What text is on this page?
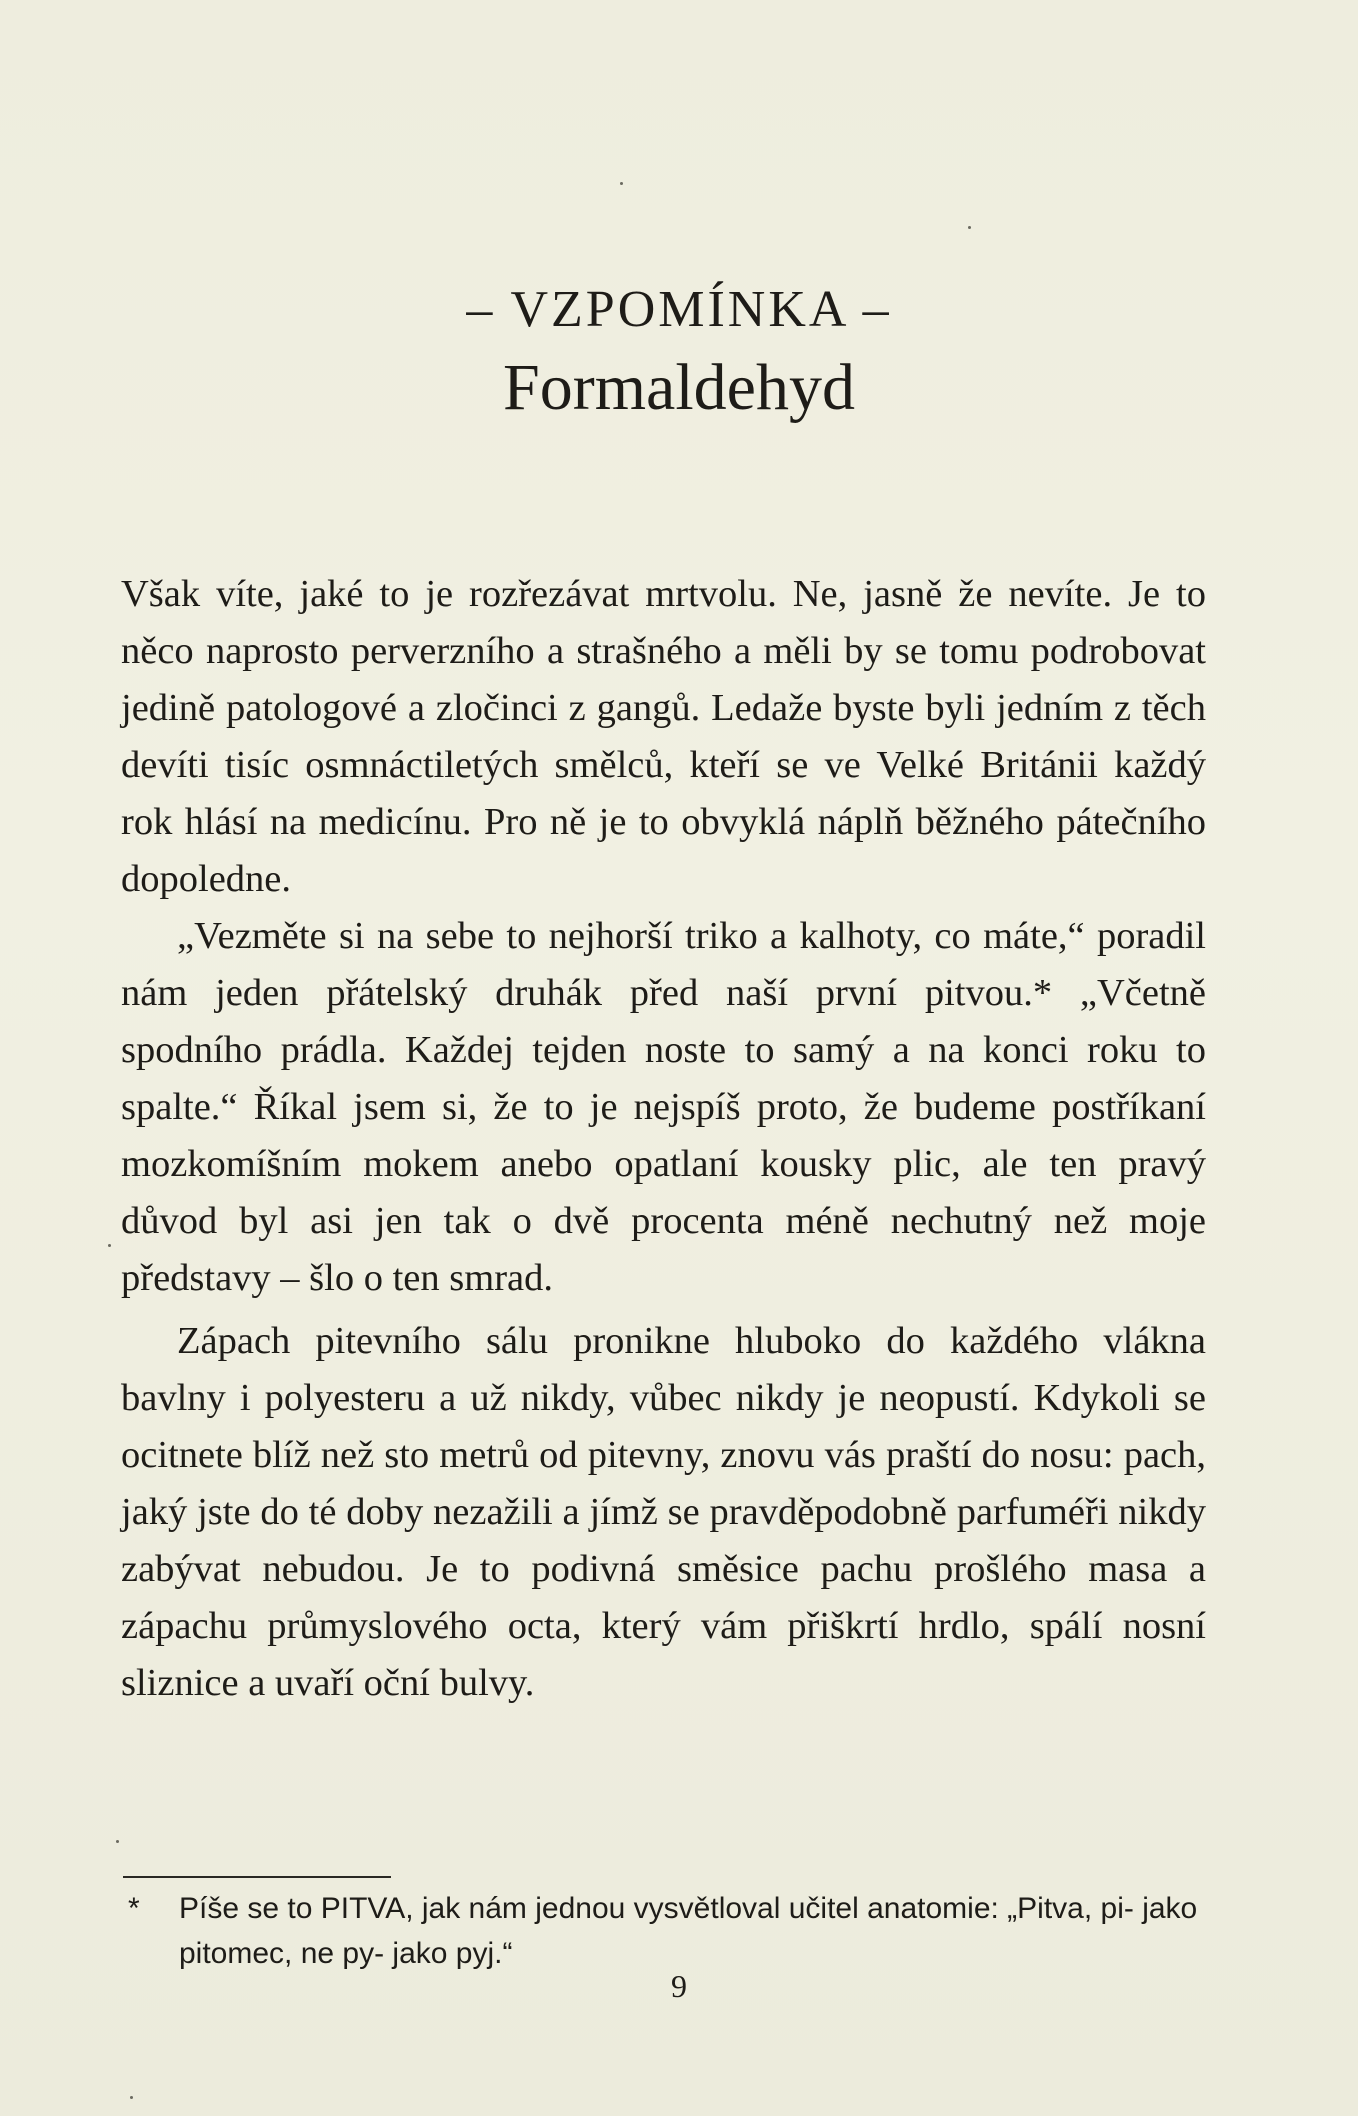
– VZPOMÍNKA –
Formaldehyd

Však víte, jaké to je rozřezávat mrtvolu. Ne, jasně že nevíte. Je to něco naprosto perverzního a strašného a měli by se tomu podrobovat jedině patologové a zločinci z gangů. Ledaže byste byli jedním z těch devíti tisíc osmnáctiletých smělců, kteří se ve Velké Británii každý rok hlásí na medicínu. Pro ně je to obvyklá náplň běžného pátečního dopoledne.

„Vezměte si na sebe to nejhorší triko a kalhoty, co máte,“ poradil nám jeden přátelský druhák před naší první pitvou.* „Včetně spodního prádla. Každej tejden noste to samý a na konci roku to spalte.“ Říkal jsem si, že to je nejspíš proto, že budeme postříkaní mozkomíšním mokem anebo opatlaní kousky plic, ale ten pravý důvod byl asi jen tak o dvě procenta méně nechutný než moje představy – šlo o ten smrad.

Zápach pitevního sálu pronikne hluboko do každého vlákna bavlny i polyesteru a už nikdy, vůbec nikdy je neopustí. Kdykoli se ocitnete blíž než sto metrů od pitevny, znovu vás praští do nosu: pach, jaký jste do té doby nezažili a jímž se pravděpodobně parfuméři nikdy zabývat nebudou. Je to podivná směsice pachu prošlého masa a zápachu průmyslového octa, který vám přiškrtí hrdlo, spálí nosní sliznice a uvaří oční bulvy.

* Píše se to PITVA, jak nám jednou vysvětloval učitel anatomie: „Pitva, pi- jako pitomec, ne py- jako pyj.“
9
